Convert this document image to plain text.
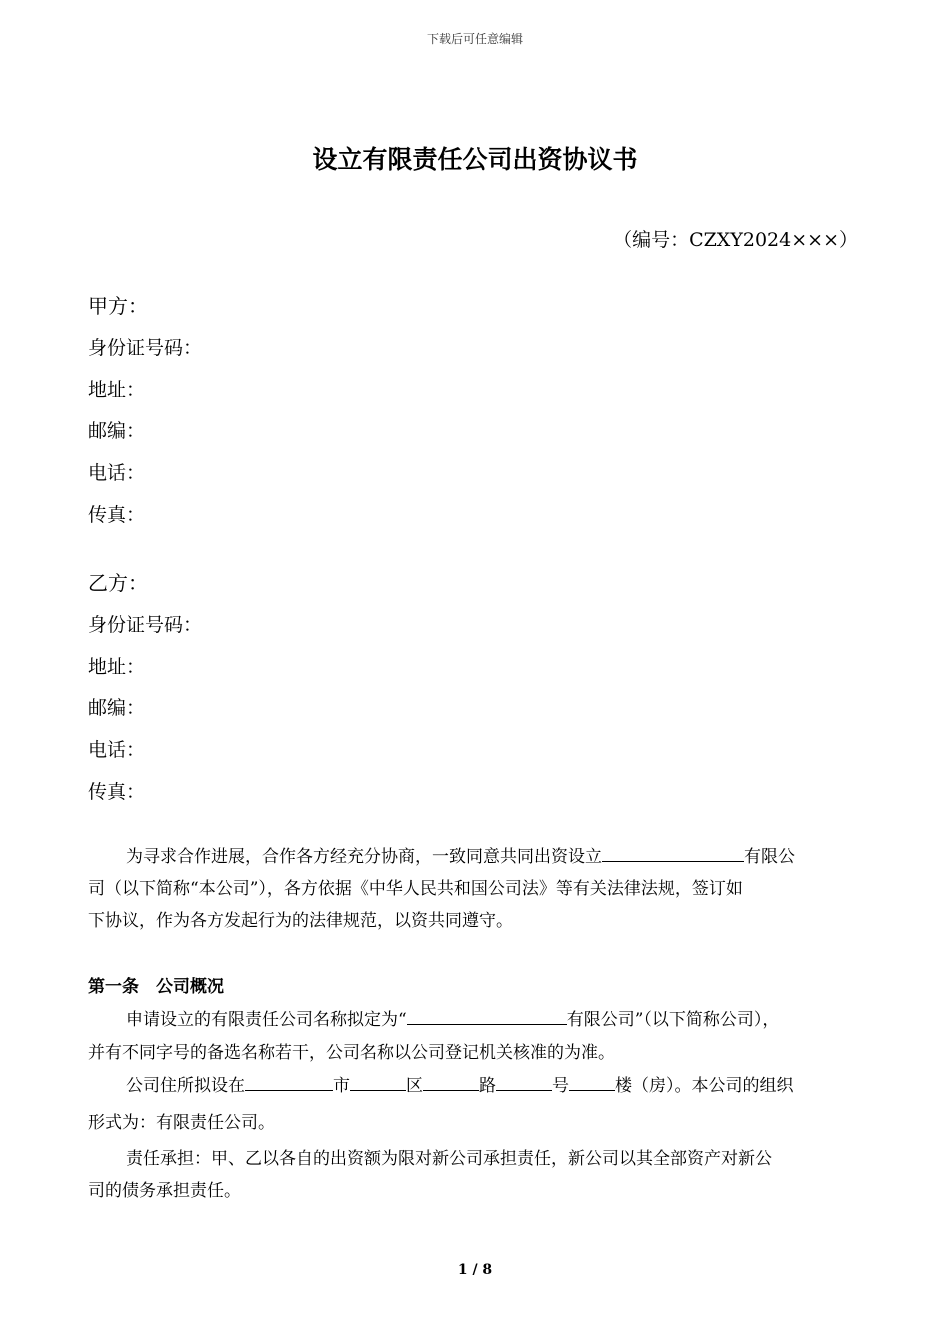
下载后可任意编辑
设立有限责任公司出资协议书
（编号：CZXY2024×××）
甲方：
身份证号码：
地址：
邮编：
电话：
传真：
乙方：
身份证号码：
地址：
邮编：
电话：
传真：
为寻求合作进展，合作各方经充分协商，一致同意共同出资设立	有限公
司（以下简称“本公司”），各方依据《中华人民共和国公司法》等有关法律法规，签订如
下协议，作为各方发起行为的法律规范，以资共同遵守。
第一条　公司概况
申请设立的有限责任公司名称拟定为“	有限公司”（以下简称公司），
并有不同字号的备选名称若干，公司名称以公司登记机关核准的为准。
公司住所拟设在	市	区	路	号	楼（房）。本公司的组织
形式为：有限责任公司。
责任承担：甲、乙以各自的出资额为限对新公司承担责任，新公司以其全部资产对新公
司的债务承担责任。
1 / 8
